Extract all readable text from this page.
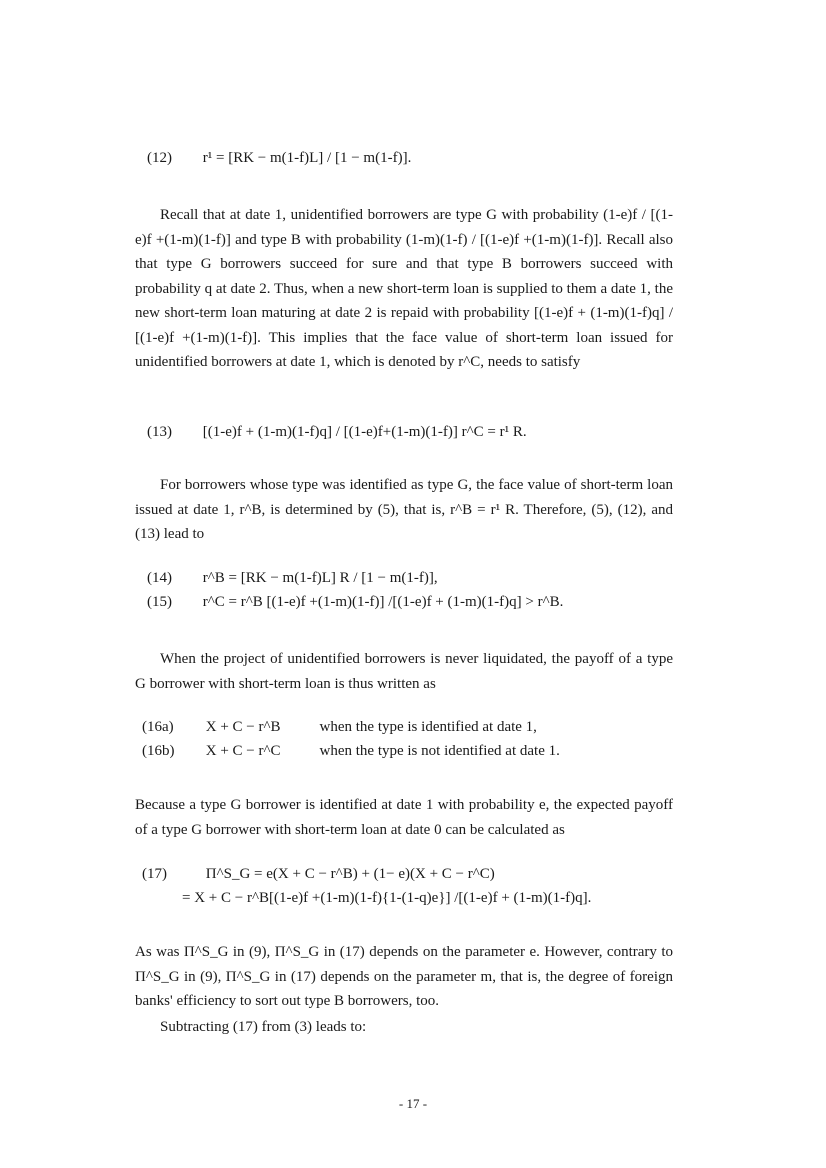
(12) r¹ = [RK − m(1-f)L] / [1 − m(1-f)].

Recall that at date 1, unidentified borrowers are type G with probability (1-e)f / [(1-e)f +(1-m)(1-f)] and type B with probability (1-m)(1-f) / [(1-e)f +(1-m)(1-f)]. Recall also that type G borrowers succeed for sure and that type B borrowers succeed with probability q at date 2. Thus, when a new short-term loan is supplied to them a date 1, the new short-term loan maturing at date 2 is repaid with probability [(1-e)f + (1-m)(1-f)q] / [(1-e)f +(1-m)(1-f)]. This implies that the face value of short-term loan issued for unidentified borrowers at date 1, which is denoted by r^C, needs to satisfy

(13) [(1-e)f + (1-m)(1-f)q] / [(1-e)f+(1-m)(1-f)] r^C = r¹ R.

For borrowers whose type was identified as type G, the face value of short-term loan issued at date 1, r^B, is determined by (5), that is, r^B = r¹ R. Therefore, (5), (12), and (13) lead to

(14) r^B = [RK − m(1-f)L] R / [1 − m(1-f)],
(15) r^C = r^B [(1-e)f +(1-m)(1-f)] /[(1-e)f + (1-m)(1-f)q] > r^B.

When the project of unidentified borrowers is never liquidated, the payoff of a type G borrower with short-term loan is thus written as

(16a) X + C − r^B	when the type is identified at date 1,
(16b) X + C − r^C	when the type is not identified at date 1.

Because a type G borrower is identified at date 1 with probability e, the expected payoff of a type G borrower with short-term loan at date 0 can be calculated as

(17)	Π^S_G = e(X + C − r^B) + (1− e)(X + C − r^C)
= X + C − r^B[(1-e)f +(1-m)(1-f){1-(1-q)e}] /[(1-e)f + (1-m)(1-f)q].

As was Π^S_G in (9), Π^S_G in (17) depends on the parameter e. However, contrary to Π^S_G in (9), Π^S_G in (17) depends on the parameter m, that is, the degree of foreign banks' efficiency to sort out type B borrowers, too.

Subtracting (17) from (3) leads to:

- 17 -
